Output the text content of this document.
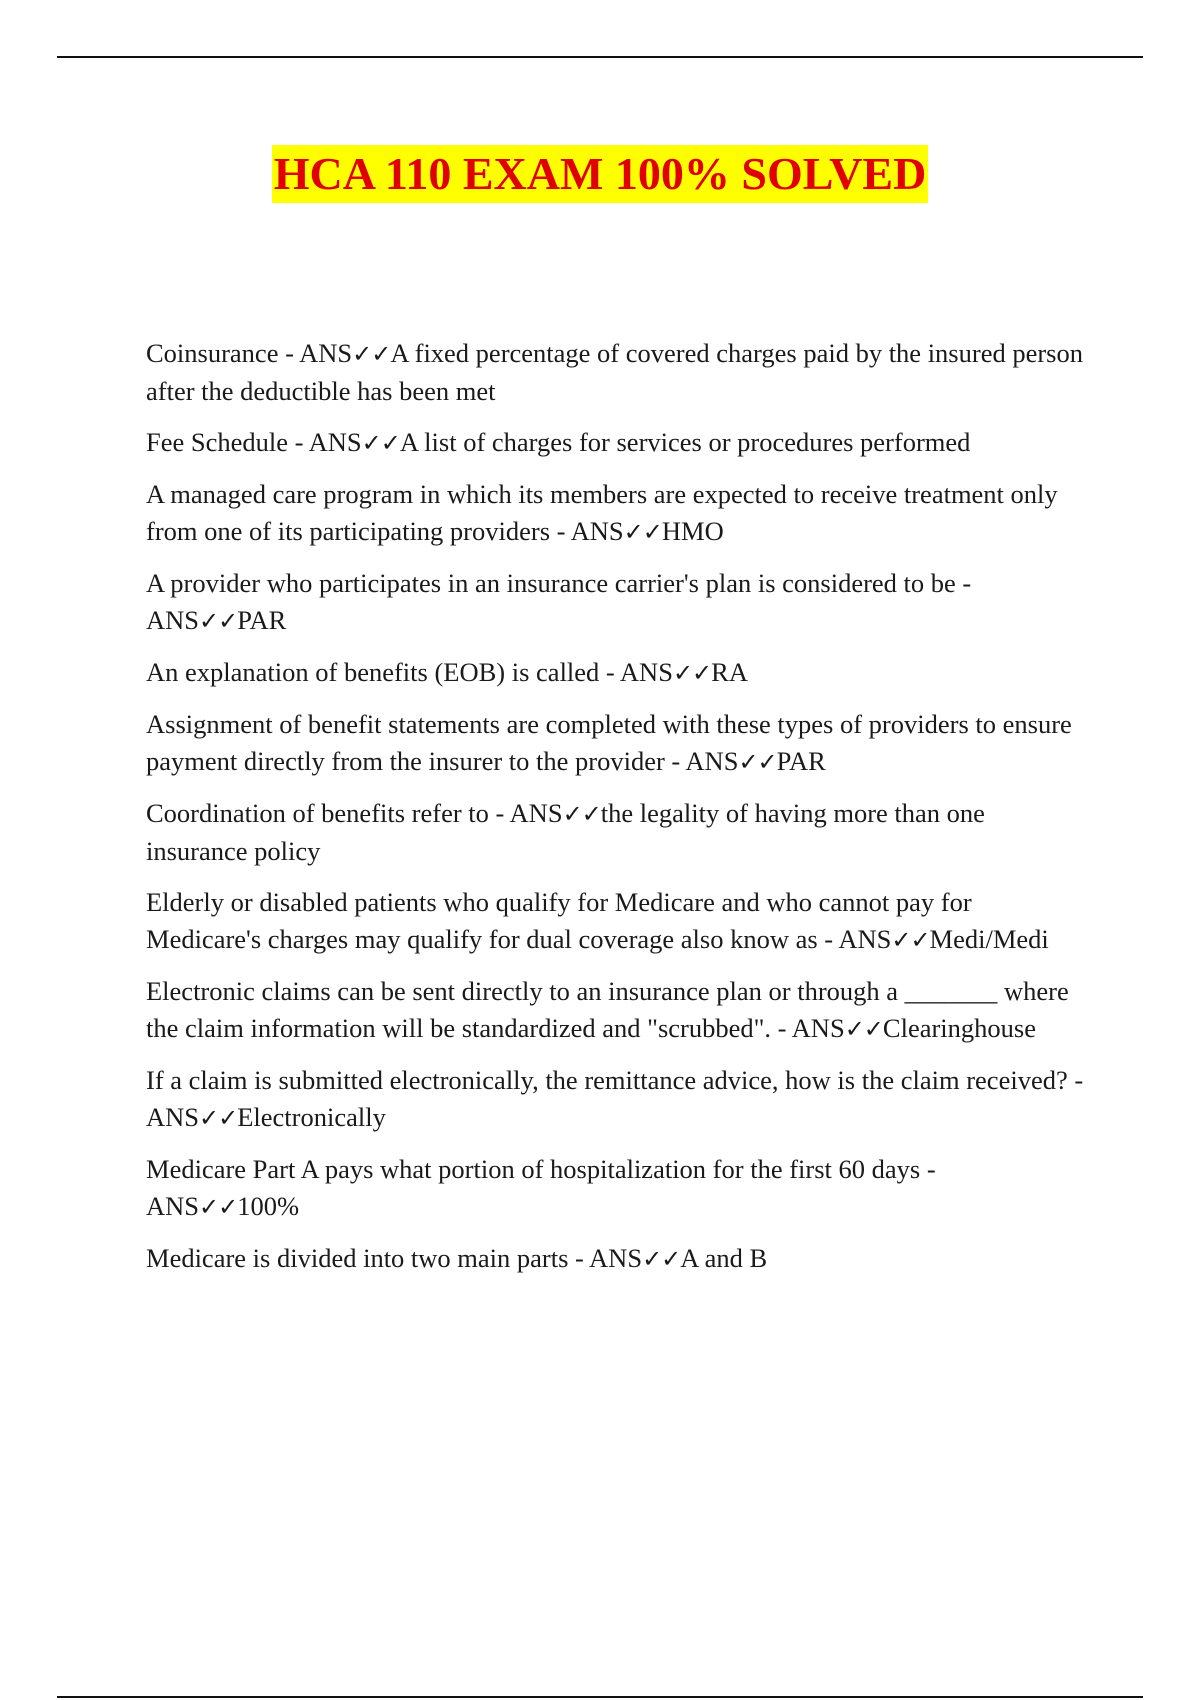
HCA 110 EXAM 100% SOLVED

Coinsurance - ANS✓✓A fixed percentage of covered charges paid by the insured person after the deductible has been met

Fee Schedule - ANS✓✓A list of charges for services or procedures performed

A managed care program in which its members are expected to receive treatment only from one of its participating providers - ANS✓✓HMO

A provider who participates in an insurance carrier's plan is considered to be - ANS✓✓PAR

An explanation of benefits (EOB) is called - ANS✓✓RA

Assignment of benefit statements are completed with these types of providers to ensure payment directly from the insurer to the provider - ANS✓✓PAR

Coordination of benefits refer to - ANS✓✓the legality of having more than one insurance policy

Elderly or disabled patients who qualify for Medicare and who cannot pay for Medicare's charges may qualify for dual coverage also know as - ANS✓✓Medi/Medi

Electronic claims can be sent directly to an insurance plan or through a _______ where the claim information will be standardized and "scrubbed". - ANS✓✓Clearinghouse

If a claim is submitted electronically, the remittance advice, how is the claim received? - ANS✓✓Electronically

Medicare Part A pays what portion of hospitalization for the first 60 days - ANS✓✓100%

Medicare is divided into two main parts - ANS✓✓A and B
